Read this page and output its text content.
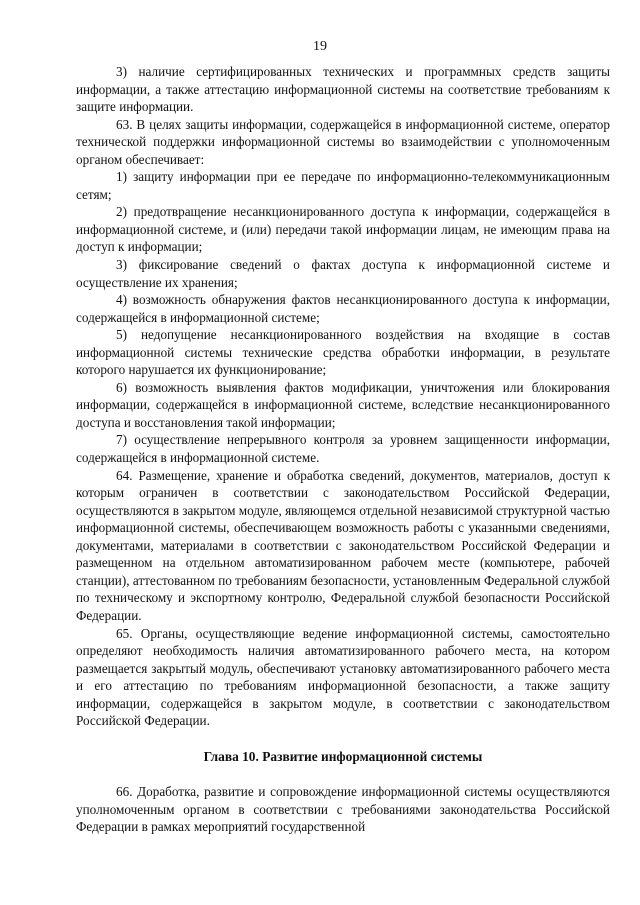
19

3) наличие сертифицированных технических и программных средств защиты информации, а также аттестацию информационной системы на соответствие требованиям к защите информации.

63. В целях защиты информации, содержащейся в информационной системе, оператор технической поддержки информационной системы во взаимодействии с уполномоченным органом обеспечивает:

1) защиту информации при ее передаче по информационно-телекоммуникационным сетям;

2) предотвращение несанкционированного доступа к информации, содержащейся в информационной системе, и (или) передачи такой информации лицам, не имеющим права на доступ к информации;

3) фиксирование сведений о фактах доступа к информационной системе и осуществление их хранения;

4) возможность обнаружения фактов несанкционированного доступа к информации, содержащейся в информационной системе;

5) недопущение несанкционированного воздействия на входящие в состав информационной системы технические средства обработки информации, в результате которого нарушается их функционирование;

6) возможность выявления фактов модификации, уничтожения или блокирования информации, содержащейся в информационной системе, вследствие несанкционированного доступа и восстановления такой информации;

7) осуществление непрерывного контроля за уровнем защищенности информации, содержащейся в информационной системе.

64. Размещение, хранение и обработка сведений, документов, материалов, доступ к которым ограничен в соответствии с законодательством Российской Федерации, осуществляются в закрытом модуле, являющемся отдельной независимой структурной частью информационной системы, обеспечивающем возможность работы с указанными сведениями, документами, материалами в соответствии с законодательством Российской Федерации и размещенном на отдельном автоматизированном рабочем месте (компьютере, рабочей станции), аттестованном по требованиям безопасности, установленным Федеральной службой по техническому и экспортному контролю, Федеральной службой безопасности Российской Федерации.

65. Органы, осуществляющие ведение информационной системы, самостоятельно определяют необходимость наличия автоматизированного рабочего места, на котором размещается закрытый модуль, обеспечивают установку автоматизированного рабочего места и его аттестацию по требованиям информационной безопасности, а также защиту информации, содержащейся в закрытом модуле, в соответствии с законодательством Российской Федерации.

Глава 10. Развитие информационной системы

66. Доработка, развитие и сопровождение информационной системы осуществляются уполномоченным органом в соответствии с требованиями законодательства Российской Федерации в рамках мероприятий государственной
